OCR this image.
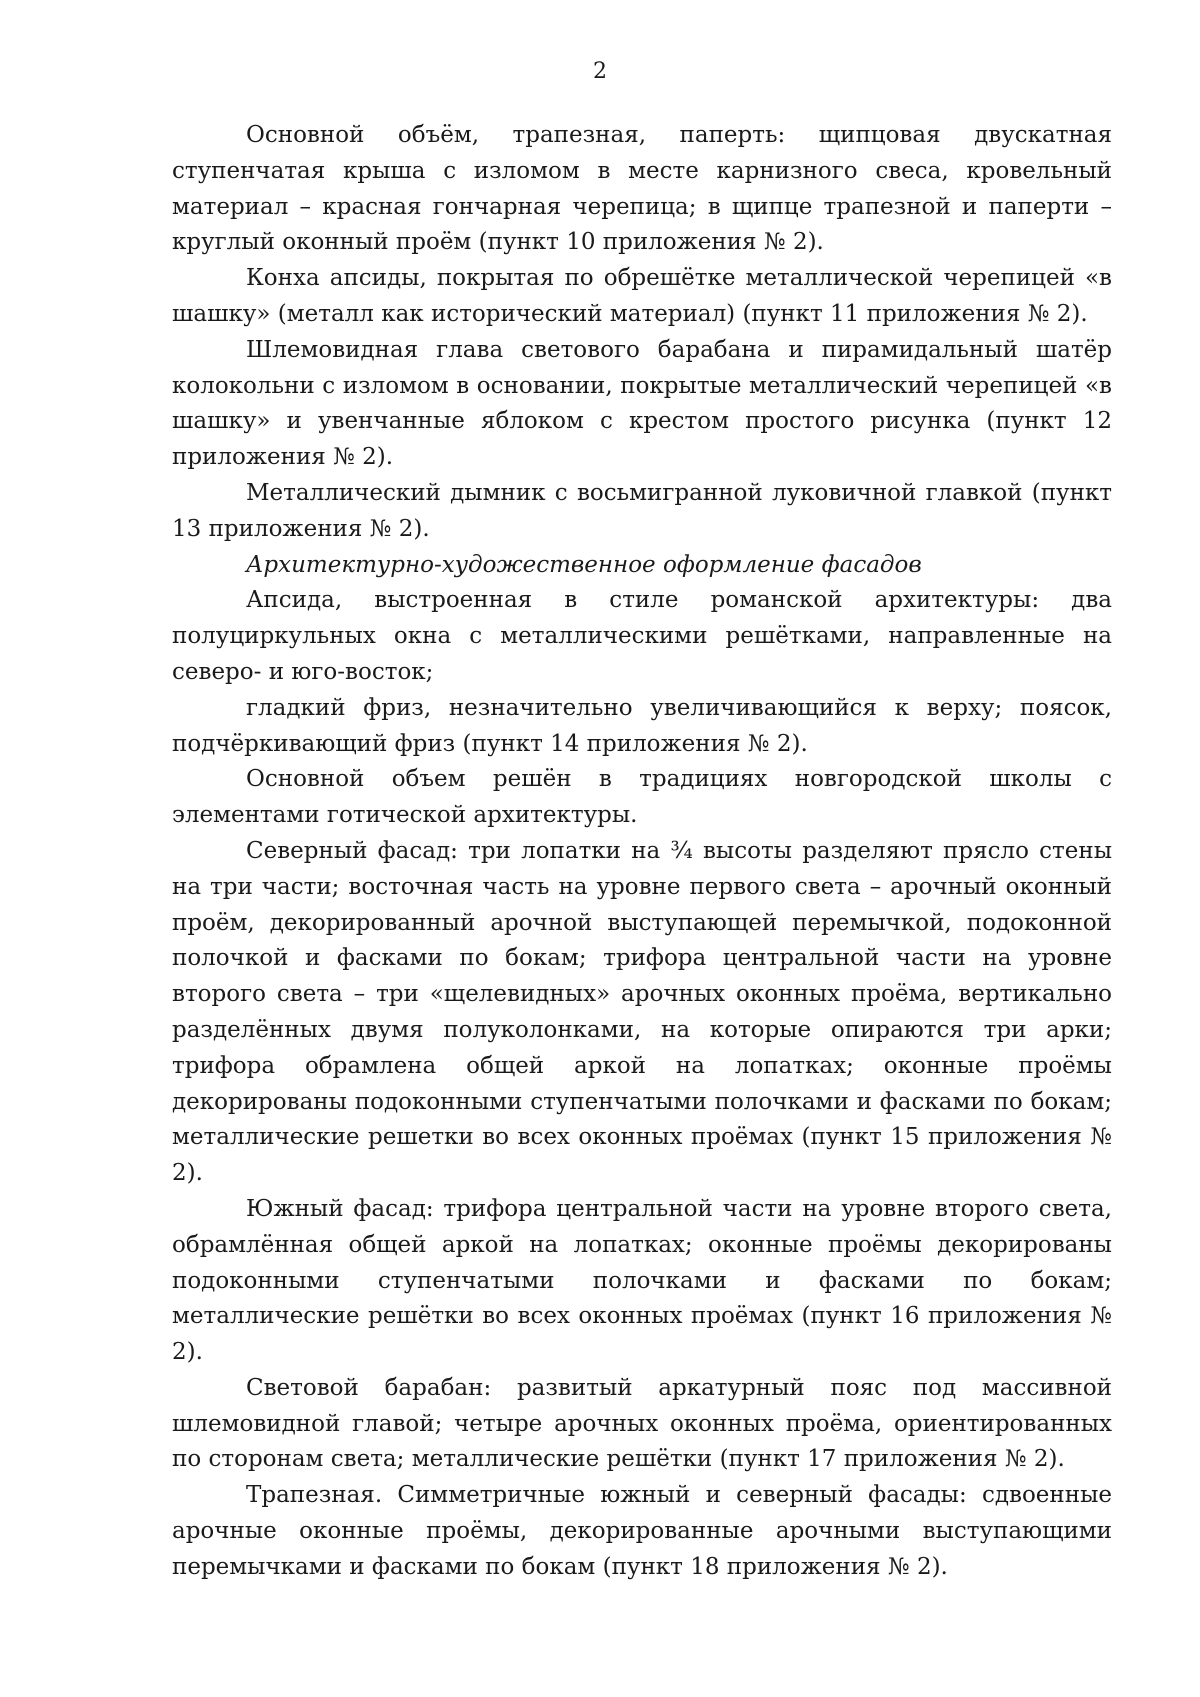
2

Основной объём, трапезная, паперть: щипцовая двускатная ступенчатая крыша с изломом в месте карнизного свеса, кровельный материал – красная гончарная черепица; в щипце трапезной и паперти – круглый оконный проём (пункт 10 приложения № 2).

Конха апсиды, покрытая по обрешётке металлической черепицей «в шашку» (металл как исторический материал) (пункт 11 приложения № 2).

Шлемовидная глава светового барабана и пирамидальный шатёр колокольни с изломом в основании, покрытые металлический черепицей «в шашку» и увенчанные яблоком с крестом простого рисунка (пункт 12 приложения № 2).

Металлический дымник с восьмигранной луковичной главкой (пункт 13 приложения № 2).

Архитектурно-художественное оформление фасадов

Апсида, выстроенная в стиле романской архитектуры: два полуциркульных окна с металлическими решётками, направленные на северо- и юго-восток;

гладкий фриз, незначительно увеличивающийся к верху; поясок, подчёркивающий фриз (пункт 14 приложения № 2).

Основной объем решён в традициях новгородской школы с элементами готической архитектуры.

Северный фасад: три лопатки на ¾ высоты разделяют прясло стены на три части; восточная часть на уровне первого света – арочный оконный проём, декорированный арочной выступающей перемычкой, подоконной полочкой и фасками по бокам; трифора центральной части на уровне второго света – три «щелевидных» арочных оконных проёма, вертикально разделённых двумя полуколонками, на которые опираются три арки; трифора обрамлена общей аркой на лопатках; оконные проёмы декорированы подоконными ступенчатыми полочками и фасками по бокам; металлические решетки во всех оконных проёмах (пункт 15 приложения № 2).

Южный фасад: трифора центральной части на уровне второго света, обрамлённая общей аркой на лопатках; оконные проёмы декорированы подоконными ступенчатыми полочками и фасками по бокам; металлические решётки во всех оконных проёмах (пункт 16 приложения № 2).

Световой барабан: развитый аркатурный пояс под массивной шлемовидной главой; четыре арочных оконных проёма, ориентированных по сторонам света; металлические решётки (пункт 17 приложения № 2).

Трапезная. Симметричные южный и северный фасады: сдвоенные арочные оконные проёмы, декорированные арочными выступающими перемычками и фасками по бокам (пункт 18 приложения № 2).
